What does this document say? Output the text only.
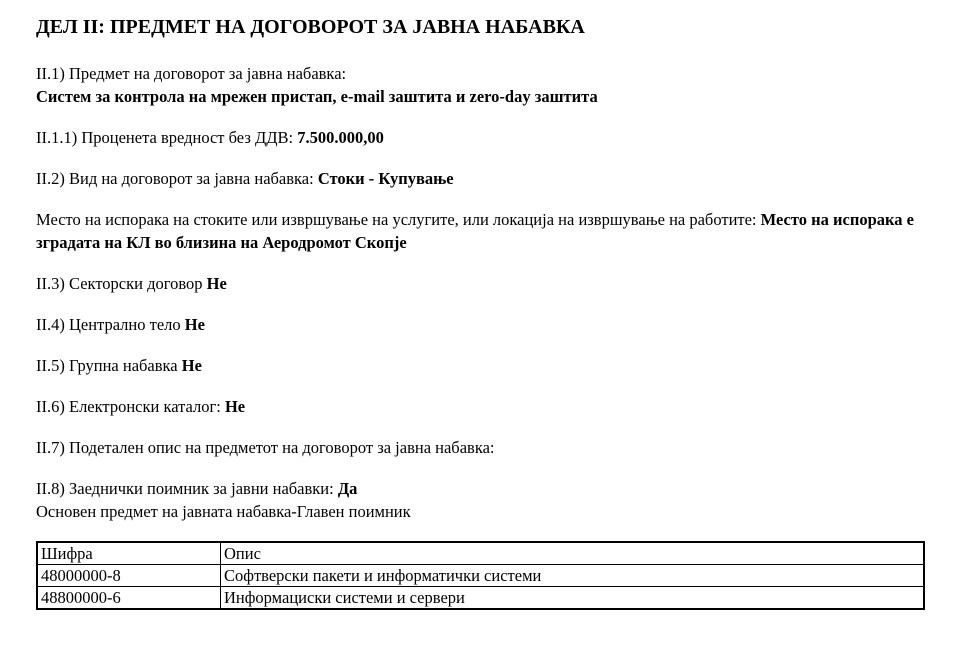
ДЕЛ II: ПРЕДМЕТ НА ДОГОВОРОТ ЗА ЈАВНА НАБАВКА

II.1) Предмет на договорот за јавна набавка:
Систем за контрола на мрежен пристап, e-mail заштита и zero-day заштита

II.1.1) Проценета вредност без ДДВ: 7.500.000,00

II.2) Вид на договорот за јавна набавка: Стоки - Купување

Место на испорака на стоките или извршување на услугите, или локација на извршување на работите: Место на испорака е зградата на КЛ во близина на Аеродромот Скопје

II.3) Секторски договор Не

II.4) Централно тело Не

II.5) Групна набавка Не

II.6) Електронски каталог: Не

II.7) Подетален опис на предметот на договорот за јавна набавка:

II.8) Заеднички поимник за јавни набавки: Да
Основен предмет на јавната набавка-Главен поимник

Шифра	Опис
48000000-8	Софтверски пакети и информатички системи
48800000-6	Информациски системи и сервери
